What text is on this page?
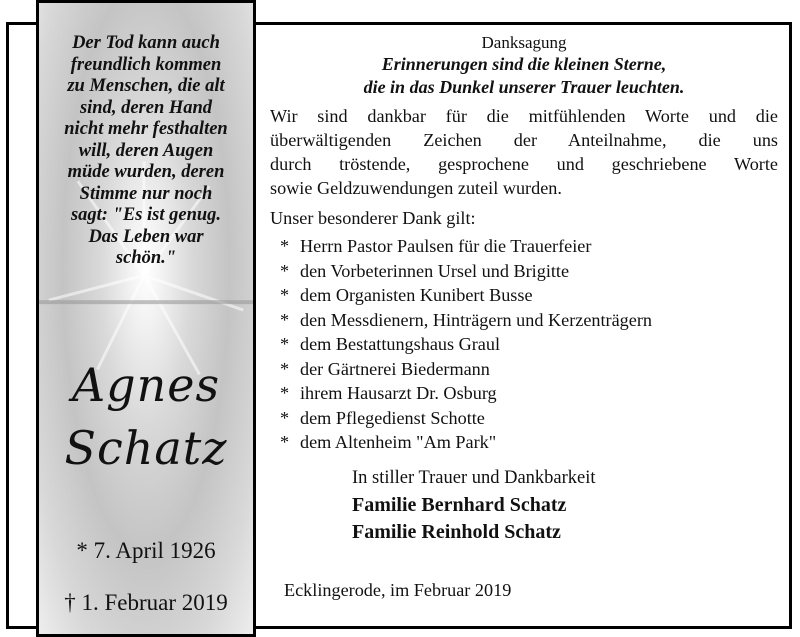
Der Tod kann auch
freundlich kommen
zu Menschen, die alt
sind, deren Hand
nicht mehr festhalten
will, deren Augen
müde wurden, deren
Stimme nur noch
sagt: "Es ist genug.
Das Leben war
schön."
Agnes
Schatz
* 7. April 1926
† 1. Februar 2019
Danksagung
Erinnerungen sind die kleinen Sterne,
die in das Dunkel unserer Trauer leuchten.
Wir sind dankbar für die mitfühlenden Worte und die
überwältigenden Zeichen der Anteilnahme, die uns
durch tröstende, gesprochene und geschriebene Worte
sowie Geldzuwendungen zuteil wurden.
Unser besonderer Dank gilt:
* Herrn Pastor Paulsen für die Trauerfeier
* den Vorbeterinnen Ursel und Brigitte
* dem Organisten Kunibert Busse
* den Messdienern, Hinträgern und Kerzenträgern
* dem Bestattungshaus Graul
* der Gärtnerei Biedermann
* ihrem Hausarzt Dr. Osburg
* dem Pflegedienst Schotte
* dem Altenheim "Am Park"
In stiller Trauer und Dankbarkeit
Familie Bernhard Schatz
Familie Reinhold Schatz
Ecklingerode, im Februar 2019
